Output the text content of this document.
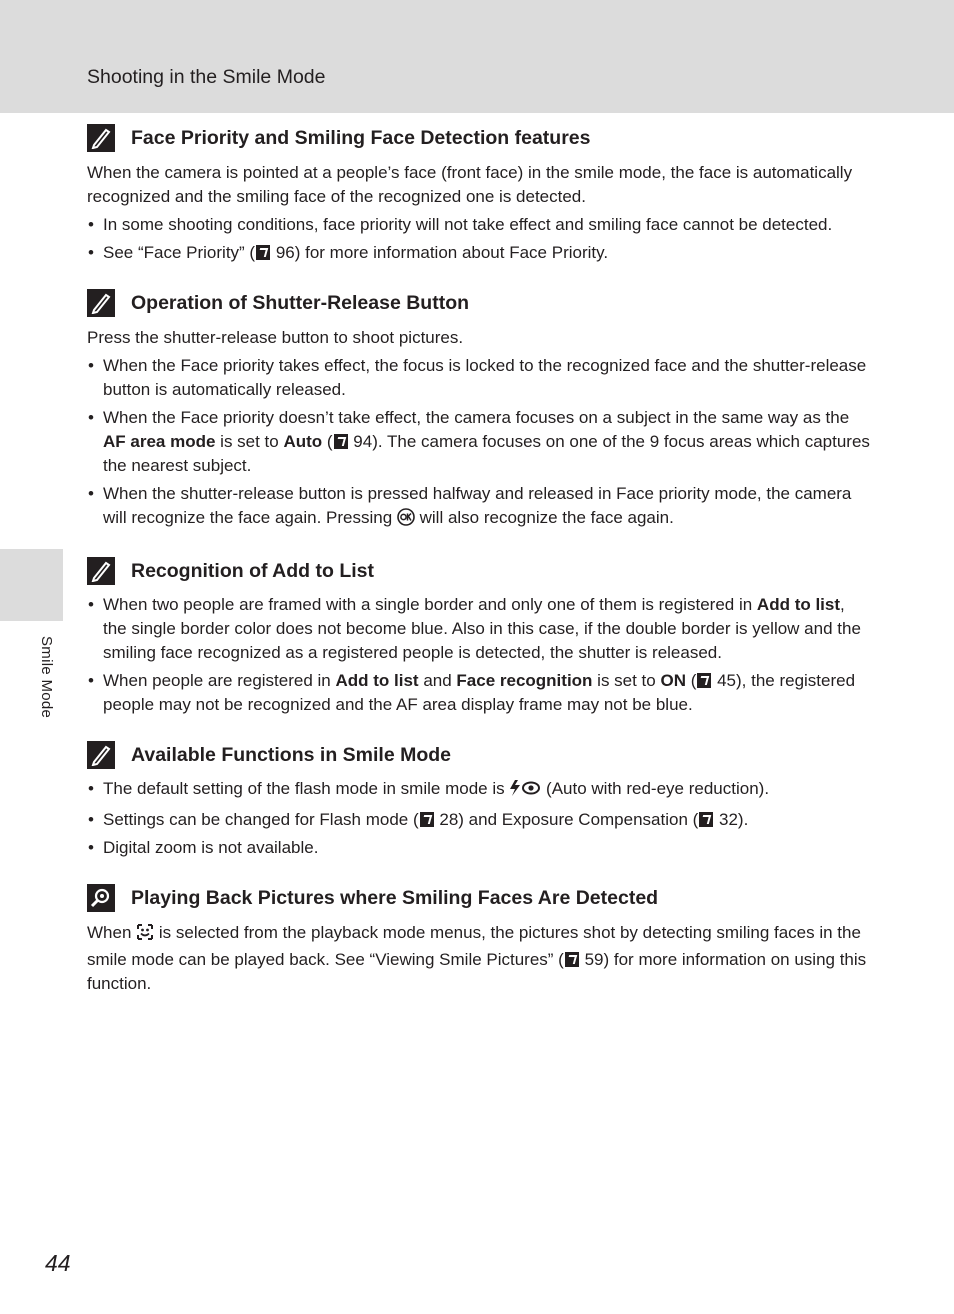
Shooting in the Smile Mode
Smile Mode
Face Priority and Smiling Face Detection features

When the camera is pointed at a people’s face (front face) in the smile mode, the face is automatically recognized and the smiling face of the recognized one is detected.

• In some shooting conditions, face priority will not take effect and smiling face cannot be detected.
• See “Face Priority” ( 96) for more information about Face Priority.
Operation of Shutter-Release Button

Press the shutter-release button to shoot pictures.

• When the Face priority takes effect, the focus is locked to the recognized face and the shutter-release button is automatically released.
• When the Face priority doesn’t take effect, the camera focuses on a subject in the same way as the AF area mode is set to Auto ( 94). The camera focuses on one of the 9 focus areas which captures the nearest subject.
• When the shutter-release button is pressed halfway and released in Face priority mode, the camera will recognize the face again. Pressing  will also recognize the face again.
Recognition of Add to List
• When two people are framed with a single border and only one of them is registered in Add to list, the single border color does not become blue. Also in this case, if the double border is yellow and the smiling face recognized as a registered people is detected, the shutter is released.
• When people are registered in Add to list and Face recognition is set to ON ( 45), the registered people may not be recognized and the AF area display frame may not be blue.
Available Functions in Smile Mode
• The default setting of the flash mode in smile mode is  (Auto with red-eye reduction).
• Settings can be changed for Flash mode ( 28) and Exposure Compensation ( 32).
• Digital zoom is not available.
Playing Back Pictures where Smiling Faces Are Detected

When  is selected from the playback mode menus, the pictures shot by detecting smiling faces in the smile mode can be played back. See “Viewing Smile Pictures” ( 59) for more information on using this function.

44
